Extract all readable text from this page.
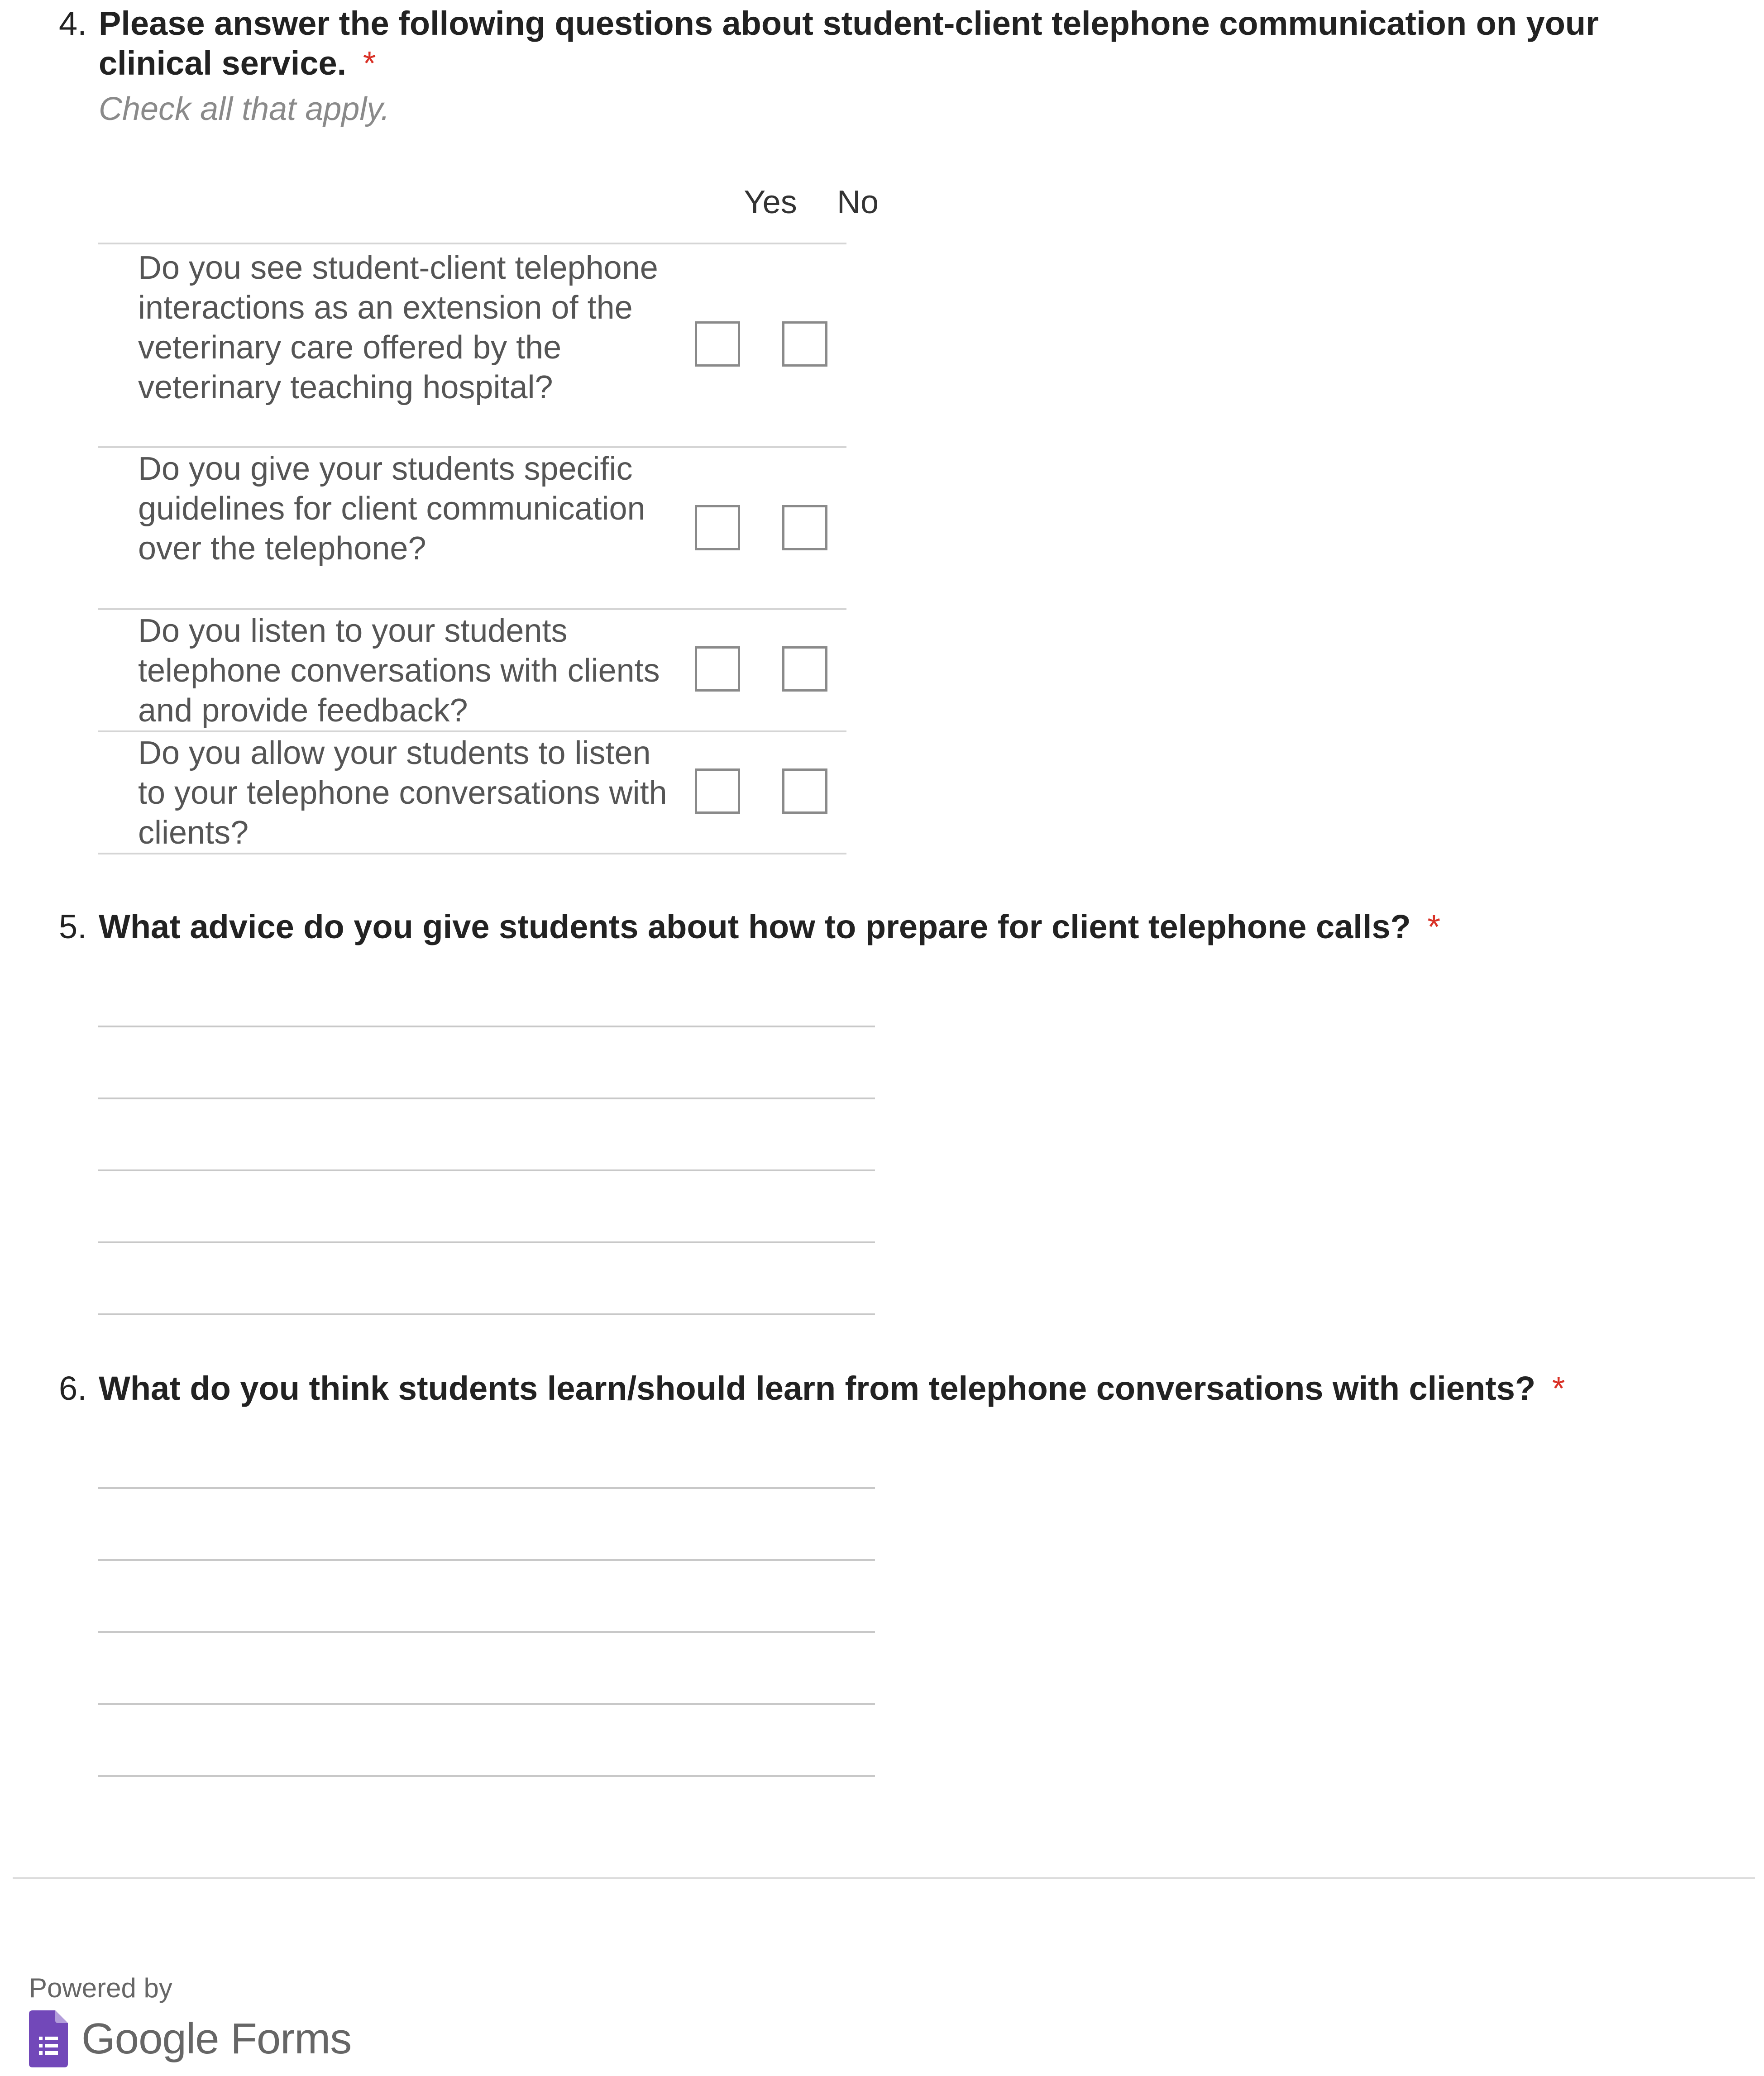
4. Please answer the following questions about student-client telephone communication on your clinical service. *
Check all that apply.
Yes	No
Do you see student-client telephone interactions as an extension of the veterinary care offered by the veterinary teaching hospital?
Do you give your students specific guidelines for client communication over the telephone?
Do you listen to your students telephone conversations with clients and provide feedback?
Do you allow your students to listen to your telephone conversations with clients?
5. What advice do you give students about how to prepare for client telephone calls? *
6. What do you think students learn/should learn from telephone conversations with clients? *
Powered by
Google Forms
